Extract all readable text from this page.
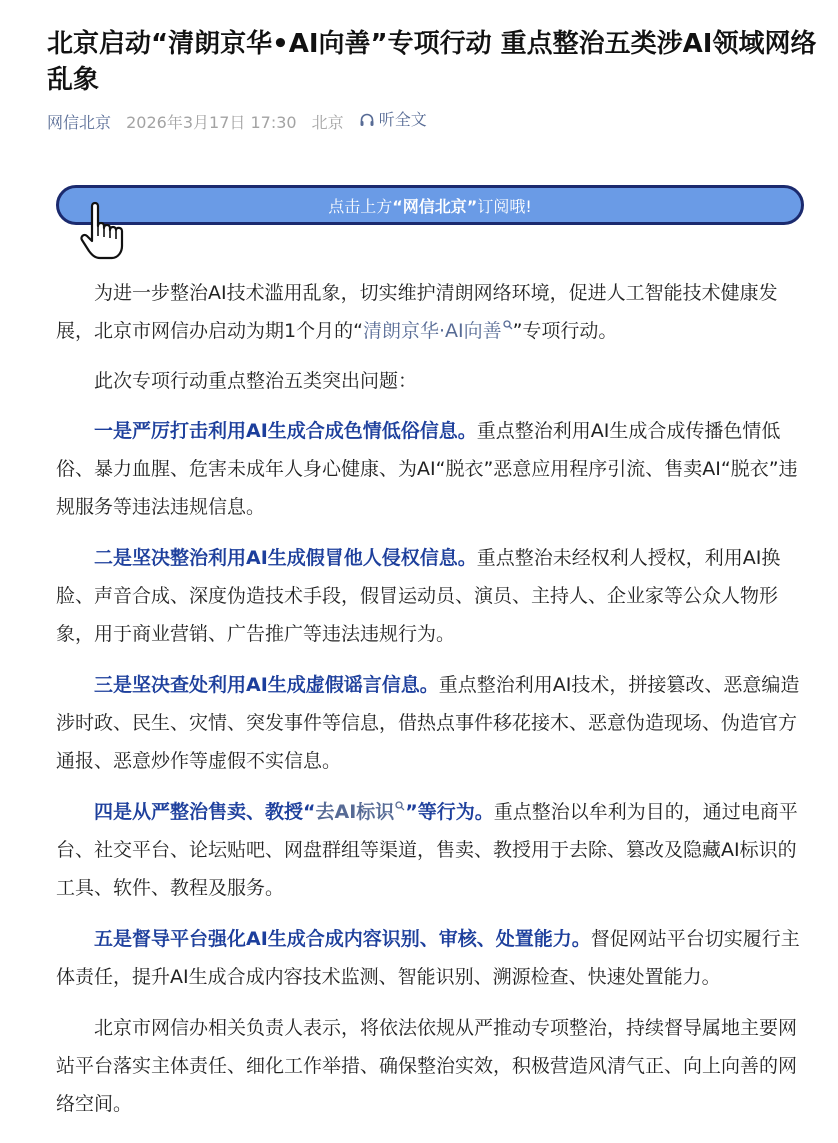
北京启动“清朗京华•AI向善”专项行动 重点整治五类涉AI领域网络乱象
网信北京 2026年3月17日 17:30 北京 听全文
点击上方 “网信北京” 订阅哦!

为进一步整治AI技术滥用乱象，切实维护清朗网络环境，促进人工智能技术健康发展，北京市网信办启动为期1个月的“清朗京华·AI向善 ”专项行动。

此次专项行动重点整治五类突出问题：

一是严厉打击利用AI生成合成色情低俗信息。重点整治利用AI生成合成传播色情低俗、暴力血腥、危害未成年人身心健康、为AI“脱衣”恶意应用程序引流、售卖AI“脱衣”违规服务等违法违规信息。

二是坚决整治利用AI生成假冒他人侵权信息。重点整治未经权利人授权，利用AI换脸、声音合成、深度伪造技术手段，假冒运动员、演员、主持人、企业家等公众人物形象，用于商业营销、广告推广等违法违规行为。

三是坚决查处利用AI生成虚假谣言信息。重点整治利用AI技术，拼接篡改、恶意编造涉时政、民生、灾情、突发事件等信息，借热点事件移花接木、恶意伪造现场、伪造官方通报、恶意炒作等虚假不实信息。

四是从严整治售卖、教授“去AI标识 ”等行为。重点整治以牟利为目的，通过电商平台、社交平台、论坛贴吧、网盘群组等渠道，售卖、教授用于去除、篡改及隐藏AI标识的工具、软件、教程及服务。

五是督导平台强化AI生成合成内容识别、审核、处置能力。督促网站平台切实履行主体责任，提升AI生成合成内容技术监测、智能识别、溯源检查、快速处置能力。

北京市网信办相关负责人表示，将依法依规从严推动专项整治，持续督导属地主要网站平台落实主体责任、细化工作举措、确保整治实效，积极营造风清气正、向上向善的网络空间。
